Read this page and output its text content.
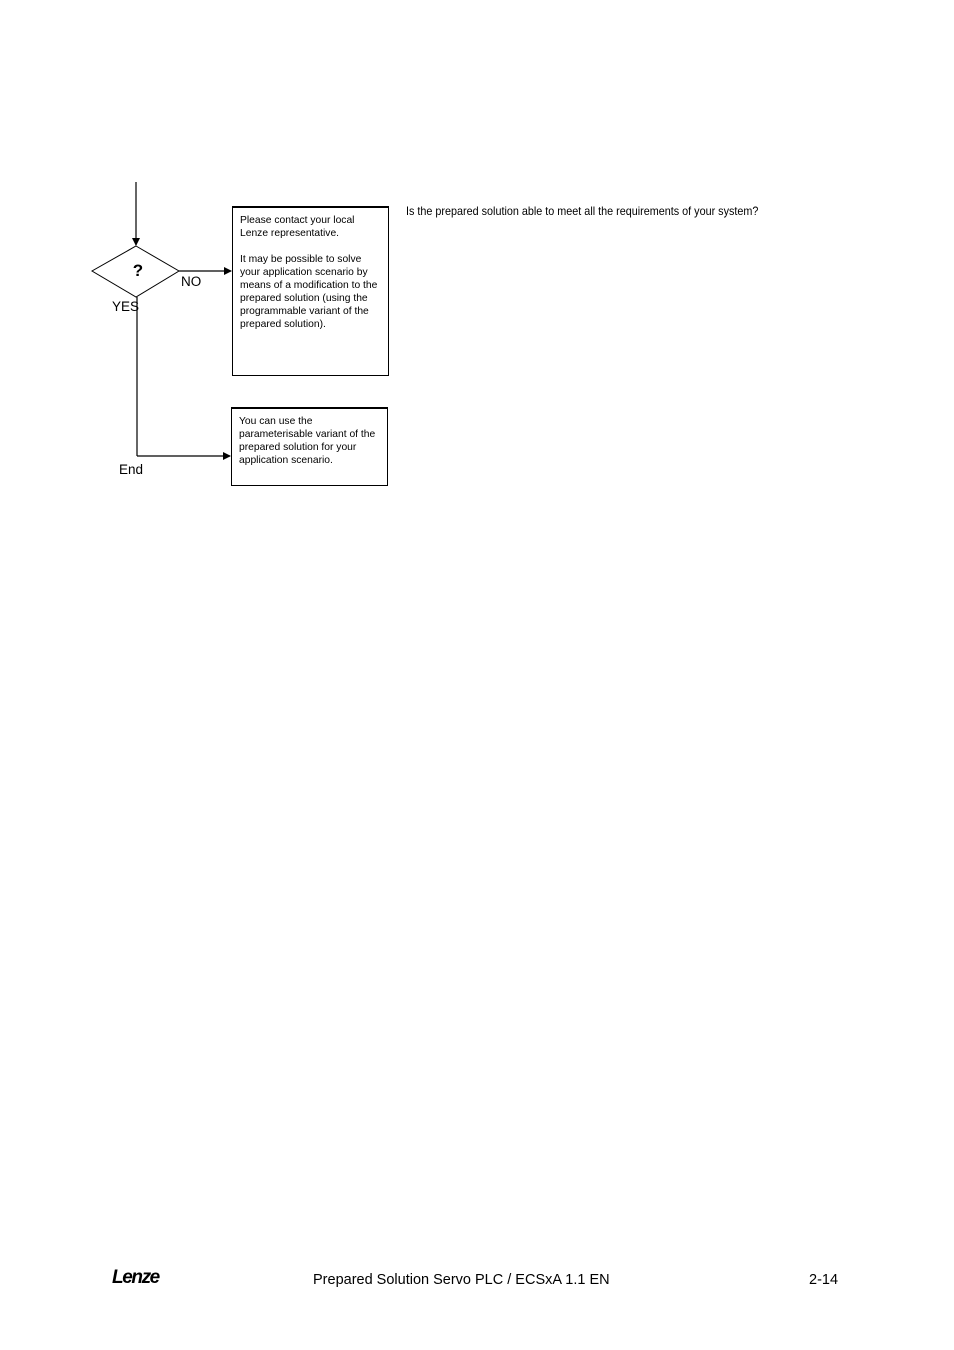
?
NO
YES
End

Please contact your local Lenze representative.

It may be possible to solve your application scenario by means of a modification to the prepared solution (using the programmable variant of the prepared solution).

You can use the parameterisable variant of the prepared solution for your application scenario.

Is the prepared solution able to meet all the requirements of your system?
Lenze	Prepared Solution Servo PLC / ECSxA 1.1 EN	2-14
